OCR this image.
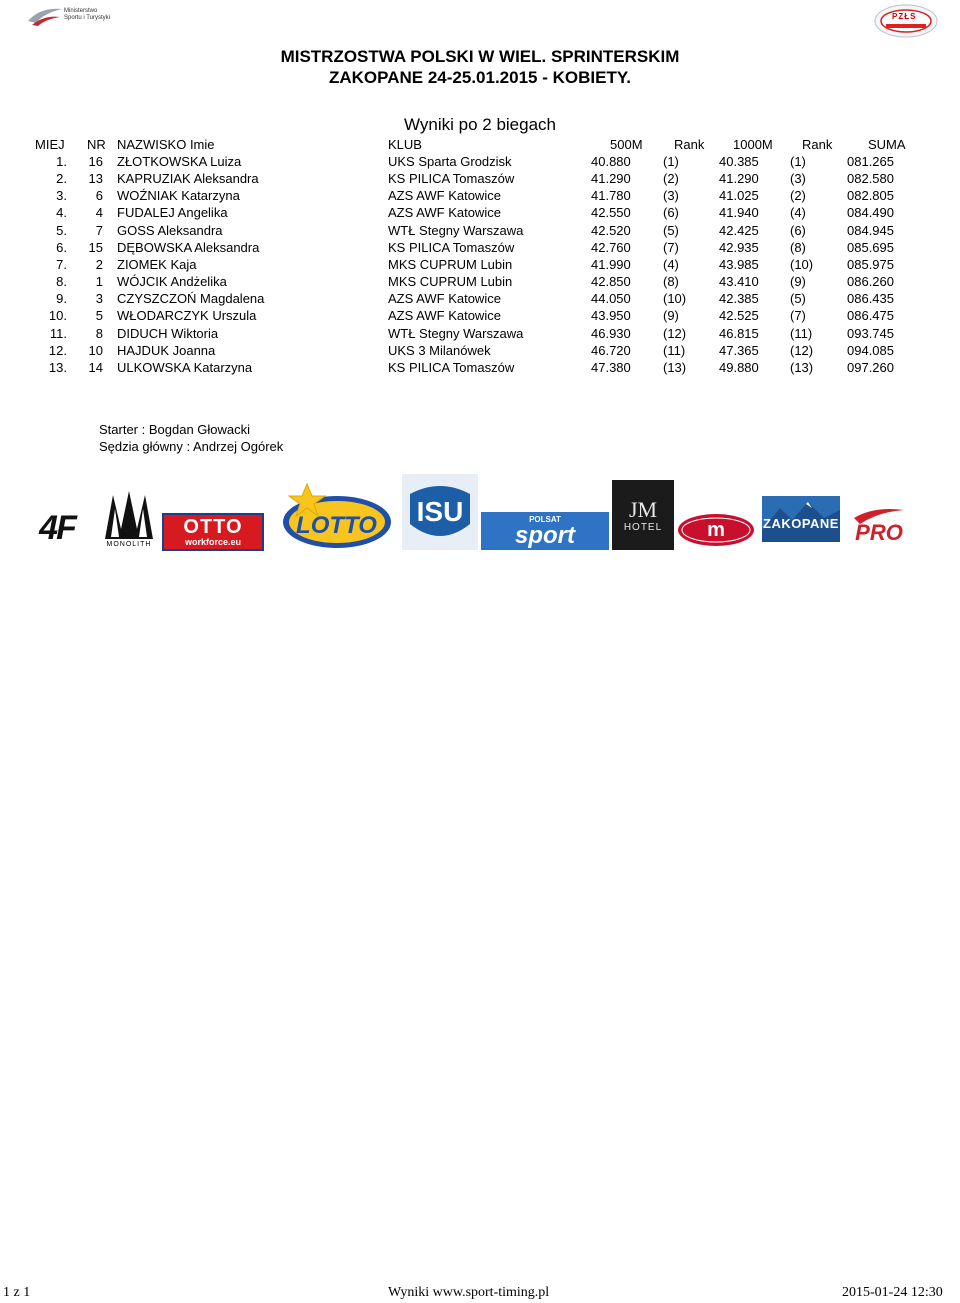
Ministerstwo Sportu i Turystyki	PZŁS
MISTRZOSTWA POLSKI W WIEL. SPRINTERSKIM
ZAKOPANE 24-25.01.2015 - KOBIETY.
Wyniki po 2 biegach
MIEJ NR NAZWISKO Imie	KLUB	500M Rank 1000M Rank	SUMA
1. 16 ZŁOTKOWSKA Luiza	UKS Sparta Grodzisk	40.880 (1)	40.385 (1)	081.265
2. 13 KAPRUZIAK Aleksandra	KS PILICA Tomaszów	41.290 (2)	41.290 (3)	082.580
3. 6 WOŹNIAK Katarzyna	AZS AWF Katowice	41.780 (3)	41.025 (2)	082.805
4. 4 FUDALEJ Angelika	AZS AWF Katowice	42.550 (6)	41.940 (4)	084.490
5. 7 GOSS Aleksandra	WTŁ Stegny Warszawa	42.520 (5)	42.425 (6)	084.945
6. 15 DĘBOWSKA Aleksandra	KS PILICA Tomaszów	42.760 (7)	42.935 (8)	085.695
7. 2 ZIOMEK Kaja	MKS CUPRUM Lubin	41.990 (4)	43.985 (10)	085.975
8. 1 WÓJCIK Andżelika	MKS CUPRUM Lubin	42.850 (8)	43.410 (9)	086.260
9. 3 CZYSZCZOŃ Magdalena	AZS AWF Katowice	44.050 (10)	42.385 (5)	086.435
10. 5 WŁODARCZYK Urszula	AZS AWF Katowice	43.950 (9)	42.525 (7)	086.475
11. 8 DIDUCH Wiktoria	WTŁ Stegny Warszawa	46.930 (12)	46.815 (11)	093.745
12. 10 HAJDUK Joanna	UKS 3 Milanówek	46.720 (11)	47.365 (12)	094.085
13. 14 ULKOWSKA Katarzyna	KS PILICA Tomaszów	47.380 (13)	49.880 (13)	097.260
Starter : Bogdan Głowacki
Sędzia główny : Andrzej Ogórek
4F	MONOLITH
OTTO
workforce.eu
LOTTO ISU	POLSAT
sport
JM
HOTEL m	ZAKOPANE PRO
1 z 1	Wyniki www.sport-timing.pl	2015-01-24 12:30
